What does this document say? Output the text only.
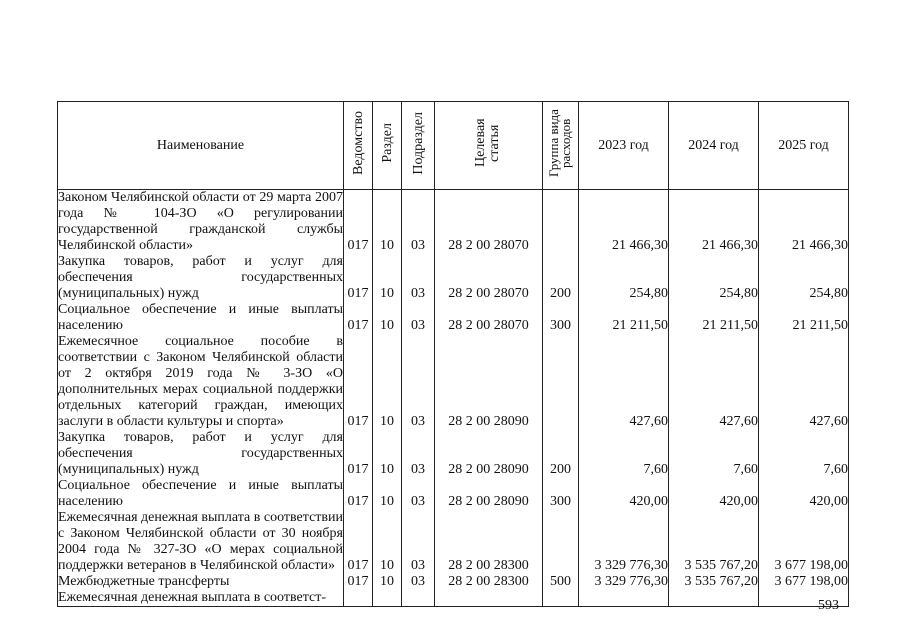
Наименование	Ведомство	Раздел	Подраздел	Целевая статья	Группа вида расходов	2023 год	2024 год	2025 год
Законом Челябинской области от 29 марта 2007 года № 104-ЗО «О регулировании государственной гражданской службы Челябинской области»	017	10	03	28 2 00 28070		21 466,30	21 466,30	21 466,30
Закупка товаров, работ и услуг для обеспечения государственных (муниципальных) нужд	017	10	03	28 2 00 28070	200	254,80	254,80	254,80
Социальное обеспечение и иные выплаты населению	017	10	03	28 2 00 28070	300	21 211,50	21 211,50	21 211,50
Ежемесячное социальное пособие в соответствии с Законом Челябинской области от 2 октября 2019 года № 3-ЗО «О дополнительных мерах социальной поддержки отдельных категорий граждан, имеющих заслуги в области культуры и спорта»	017	10	03	28 2 00 28090		427,60	427,60	427,60
Закупка товаров, работ и услуг для обеспечения государственных (муниципальных) нужд	017	10	03	28 2 00 28090	200	7,60	7,60	7,60
Социальное обеспечение и иные выплаты населению	017	10	03	28 2 00 28090	300	420,00	420,00	420,00
Ежемесячная денежная выплата в соответствии с Законом Челябинской области от 30 ноября 2004 года № 327-ЗО «О мерах социальной поддержки ветеранов в Челябинской области»	017	10	03	28 2 00 28300		3 329 776,30	3 535 767,20	3 677 198,00
Межбюджетные трансферты	017	10	03	28 2 00 28300	500	3 329 776,30	3 535 767,20	3 677 198,00
Ежемесячная денежная выплата в соответст-								
593
